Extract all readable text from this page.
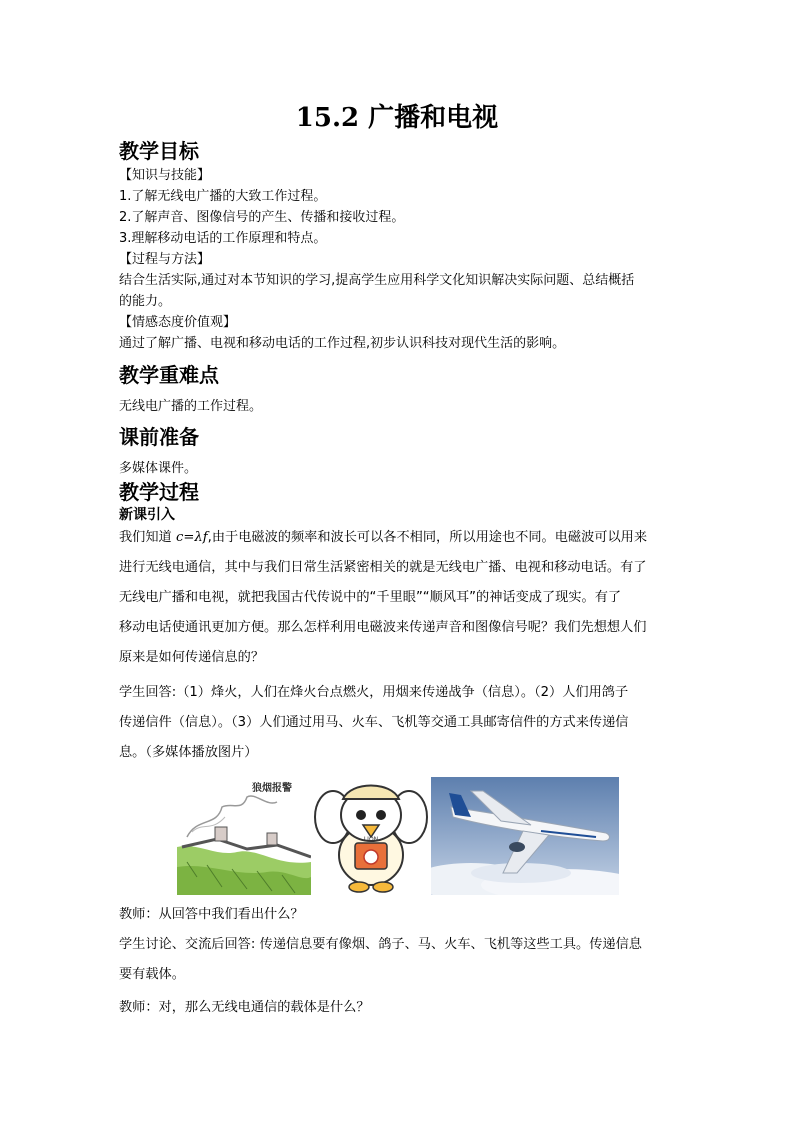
15.2 广播和电视
教学目标
【知识与技能】
1.了解无线电广播的大致工作过程。
2.了解声音、图像信号的产生、传播和接收过程。
3.理解移动电话的工作原理和特点。
【过程与方法】
结合生活实际,通过对本节知识的学习,提高学生应用科学文化知识解决实际问题、总结概括
的能力。
【情感态度价值观】
通过了解广播、电视和移动电话的工作过程,初步认识科技对现代生活的影响。
教学重难点
无线电广播的工作过程。
课前准备
多媒体课件。
教学过程
新课引入
我们知道 c=λf,由于电磁波的频率和波长可以各不相同，所以用途也不同。电磁波可以用来
进行无线电通信，其中与我们日常生活紧密相关的就是无线电广播、电视和移动电话。有了
无线电广播和电视，就把我国古代传说中的“千里眼”“顺风耳”的神话变成了现实。有了
移动电话使通讯更加方便。那么怎样利用电磁波来传递声音和图像信号呢？我们先想想人们
原来是如何传递信息的？
学生回答:（1）烽火，人们在烽火台点燃火，用烟来传递战争（信息）。（2）人们用鸽子
传递信件（信息）。（3）人们通过用马、火车、飞机等交通工具邮寄信件的方式来传递信
息。（多媒体播放图片）
狼烟报警
LION
教师：从回答中我们看出什么？
学生讨论、交流后回答: 传递信息要有像烟、鸽子、马、火车、飞机等这些工具。传递信息
要有载体。
教师：对，那么无线电通信的载体是什么？
